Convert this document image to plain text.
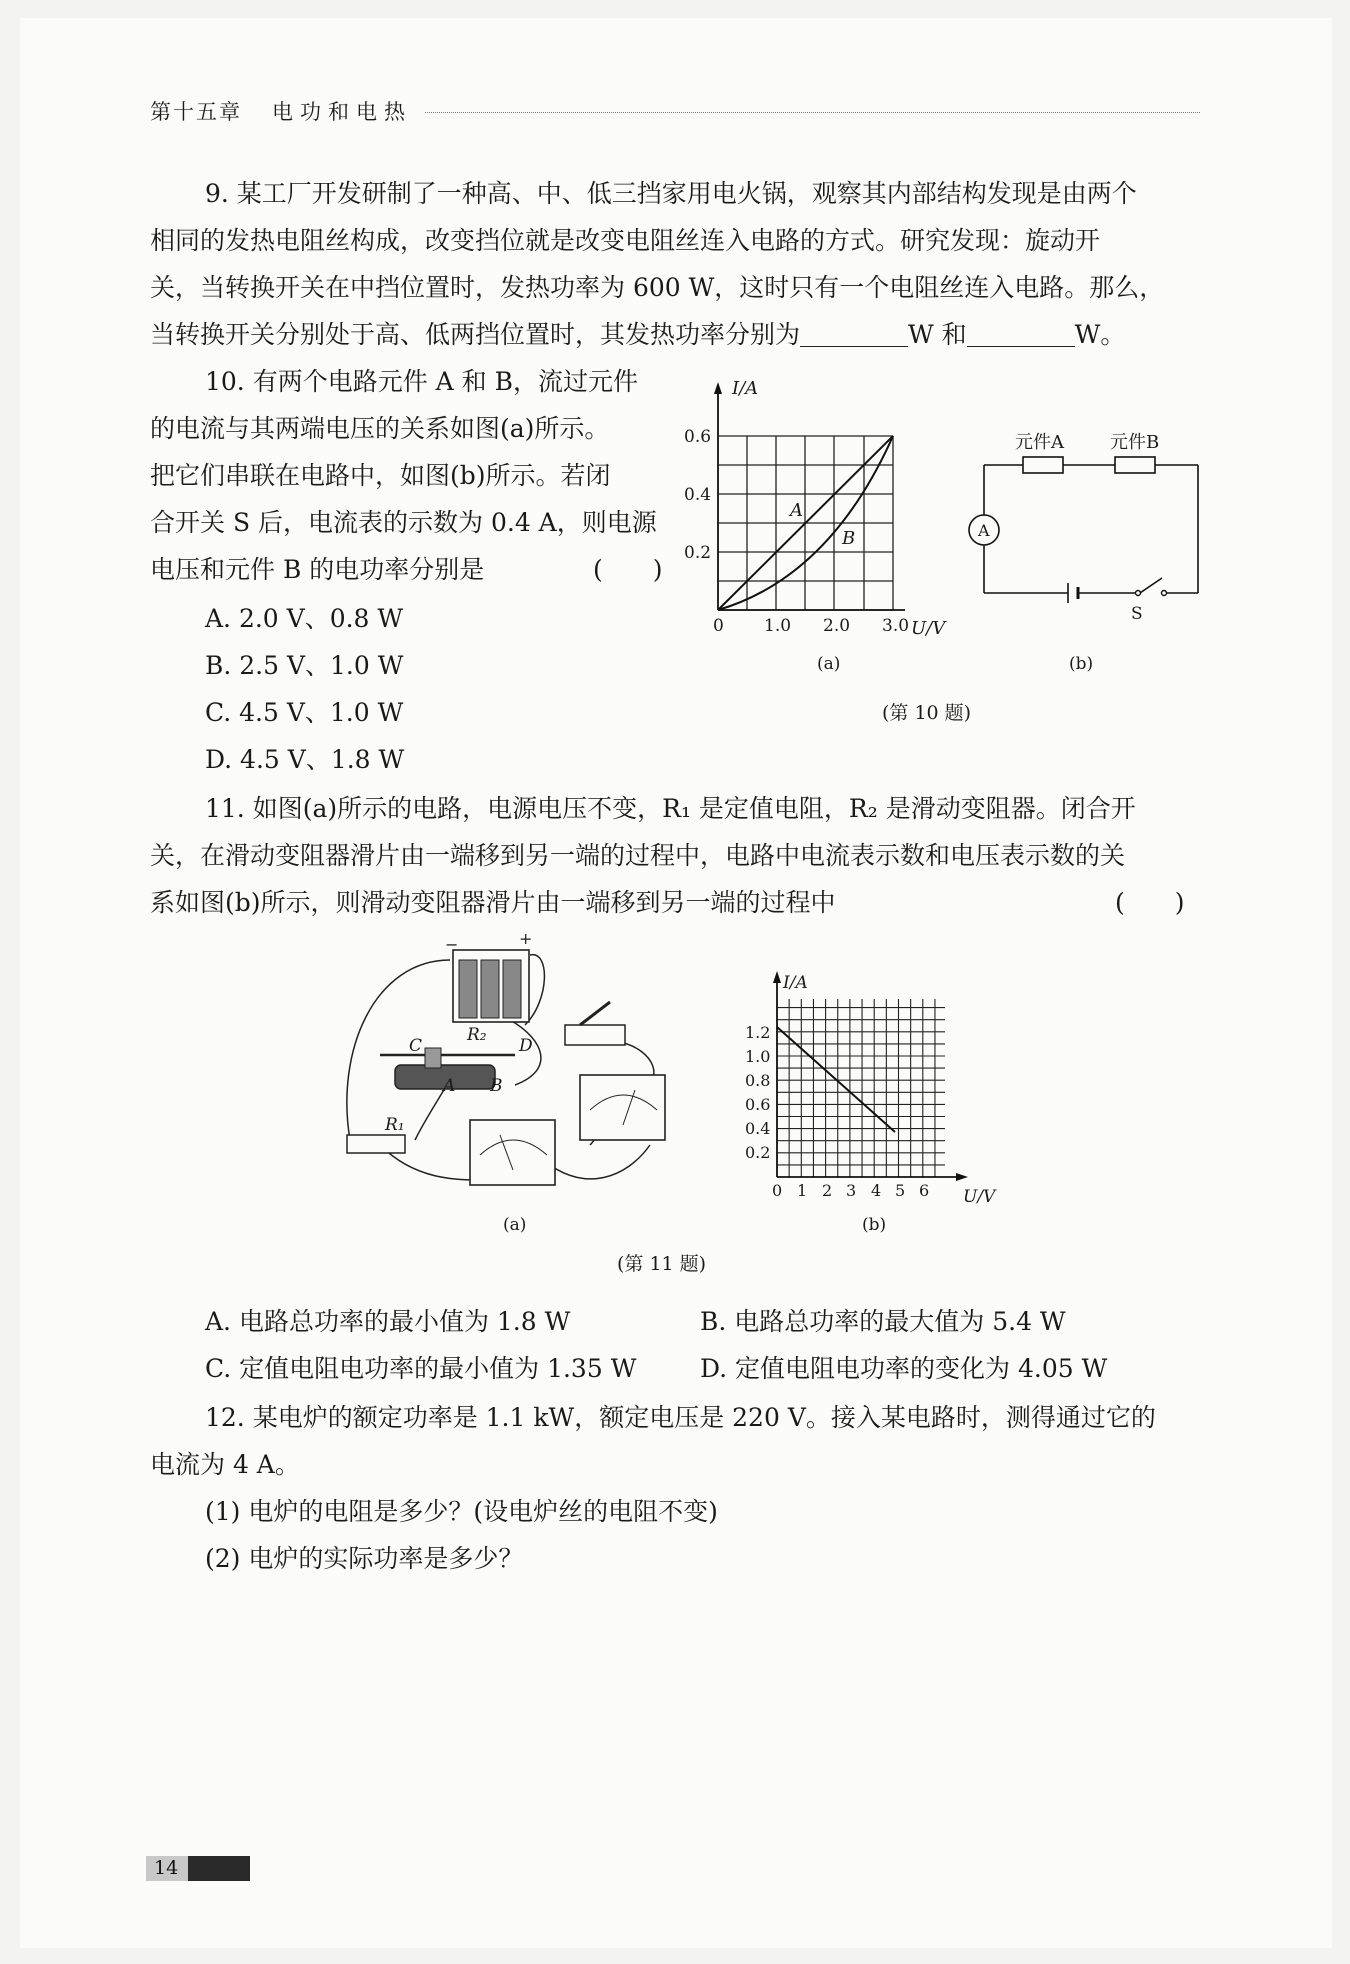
第十五章 电功和电热
9. 某工厂开发研制了一种高、中、低三挡家用电火锅，观察其内部结构发现是由两个
相同的发热电阻丝构成，改变挡位就是改变电阻丝连入电路的方式。研究发现：旋动开
关，当转换开关在中挡位置时，发热功率为 600 W，这时只有一个电阻丝连入电路。那么，
当转换开关分别处于高、低两挡位置时，其发热功率分别为	W 和	W。
10. 有两个电路元件 A 和 B，流过元件
的电流与其两端电压的关系如图(a)所示。
把它们串联在电路中，如图(b)所示。若闭
合开关 S 后，电流表的示数为 0.4 A，则电源
电压和元件 B 的电功率分别是	(　　)
A. 2.0 V、0.8 W
B. 2.5 V、1.0 W
C. 4.5 V、1.0 W
D. 4.5 V、1.8 W
I/A
U/V
0.2
0.4
0.6
0 1.0 2.0 3.0
A
B
(a)
A
元件A	元件B
S
(b)
(第 10 题)
11. 如图(a)所示的电路，电源电压不变，R₁ 是定值电阻，R₂ 是滑动变阻器。闭合开
关，在滑动变阻器滑片由一端移到另一端的过程中，电路中电流表示数和电压表示数的关
系如图(b)所示，则滑动变阻器滑片由一端移到另一端的过程中	(　　)
−	+
C
R₂
D
A B
R₁
(a)
I/A
U/V
0.2
0.4
0.6
0.8
1.0
1.2
0 1 2 3 4 5 6
(b)
(第 11 题)
A. 电路总功率的最小值为 1.8 W	B. 电路总功率的最大值为 5.4 W
C. 定值电阻电功率的最小值为 1.35 W	D. 定值电阻电功率的变化为 4.05 W
12. 某电炉的额定功率是 1.1 kW，额定电压是 220 V。接入某电路时，测得通过它的
电流为 4 A。
(1) 电炉的电阻是多少？(设电炉丝的电阻不变)
(2) 电炉的实际功率是多少？
14
